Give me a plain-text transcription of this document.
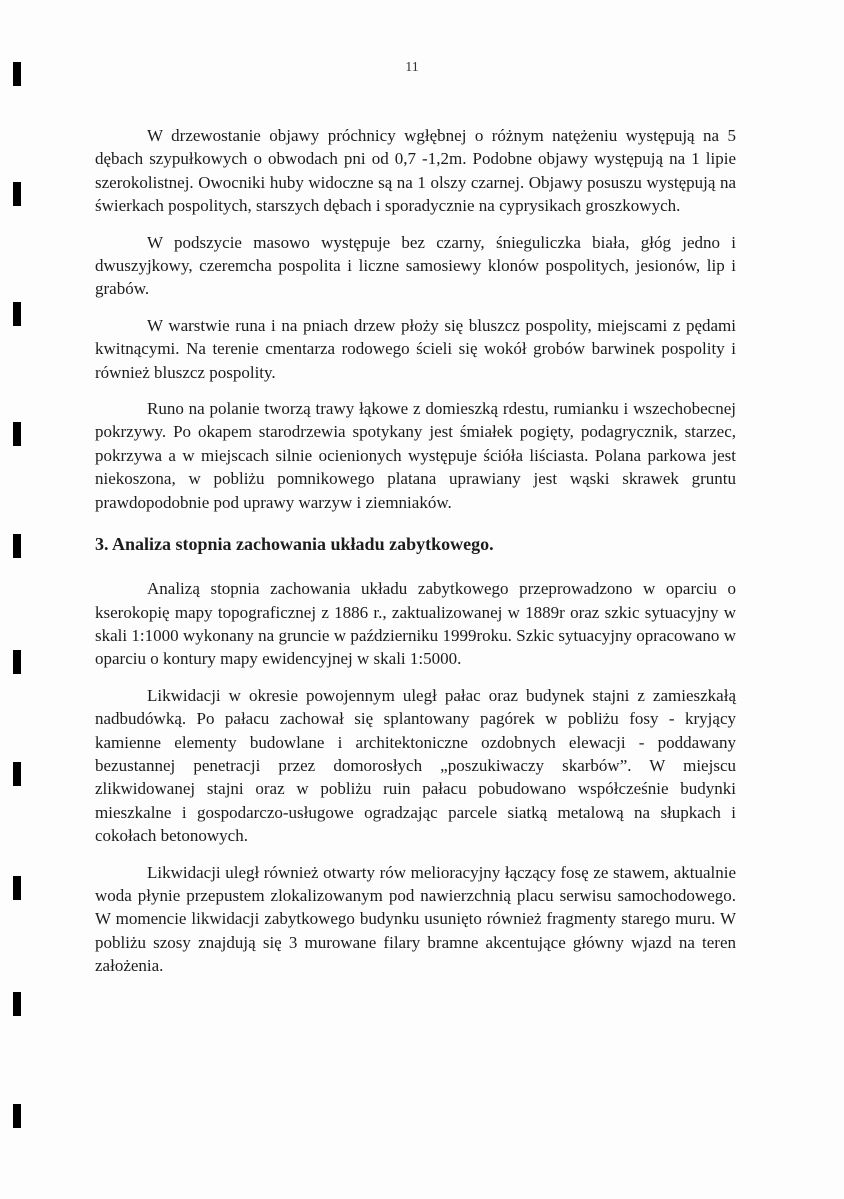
11

W drzewostanie objawy próchnicy wgłębnej o różnym natężeniu występują na 5 dębach szypułkowych o obwodach pni od 0,7 -1,2m. Podobne objawy występują na 1 lipie szerokolistnej. Owocniki huby widoczne są na 1 olszy czarnej. Objawy posuszu występują na świerkach pospolitych, starszych dębach i sporadycznie na cyprysikach groszkowych.

W podszycie masowo występuje bez czarny, śnieguliczka biała, głóg jedno i dwuszyjkowy, czeremcha pospolita i liczne samosiewy klonów pospolitych, jesionów, lip i grabów.

W warstwie runa i na pniach drzew płoży się bluszcz pospolity, miejscami z pędami kwitnącymi. Na terenie cmentarza rodowego ścieli się wokół grobów barwinek pospolity i również bluszcz pospolity.

Runo na polanie tworzą trawy łąkowe z domieszką rdestu, rumianku i wszechobecnej pokrzywy. Po okapem starodrzewia spotykany jest śmiałek pogięty, podagrycznik, starzec, pokrzywa a w miejscach silnie ocienionych występuje ściółа liściasta. Polana parkowa jest niekoszona, w pobliżu pomnikowego platana uprawiany jest wąski skrawek gruntu prawdopodobnie pod uprawy warzyw i ziemniaków.

3. Analiza stopnia zachowania układu zabytkowego.

Analizą stopnia zachowania układu zabytkowego przeprowadzono w oparciu o kserokopię mapy topograficznej z 1886 r., zaktualizowanej w 1889r oraz szkic sytuacyjny w skali 1:1000 wykonany na gruncie w październiku 1999roku. Szkic sytuacyjny opracowano w oparciu o kontury mapy ewidencyjnej w skali 1:5000.

Likwidacji w okresie powojennym uległ pałac oraz budynek stajni z zamieszkałą nadbudówką. Po pałacu zachował się splantowany pagórek w pobliżu fosy - kryjący kamienne elementy budowlane i architektoniczne ozdobnych elewacji - poddawany bezustannej penetracji przez domorosłych „poszukiwaczy skarbów”. W miejscu zlikwidowanej stajni oraz w pobliżu ruin pałacu pobudowano współcześnie budynki mieszkalne i gospodarczo-usługowe ogradzając parcele siatką metalową na słupkach i cokołach betonowych.

Likwidacji uległ również otwarty rów melioracyjny łączący fosę ze stawem, aktualnie woda płynie przepustem zlokalizowanym pod nawierzchnią placu serwisu samochodowego. W momencie likwidacji zabytkowego budynku usunięto również fragmenty starego muru. W pobliżu szosy znajdują się 3 murowane filary bramne akcentujące główny wjazd na teren założenia.
